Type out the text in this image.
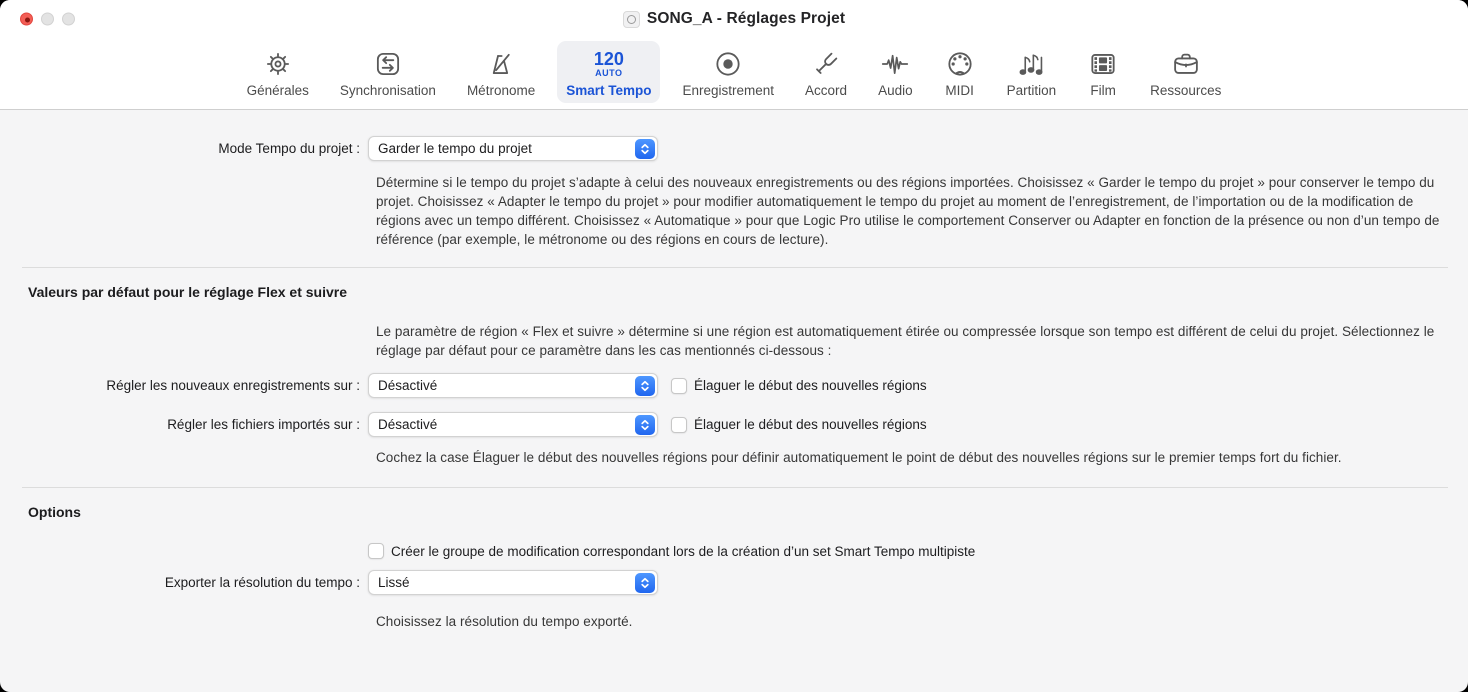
SONG_A - Réglages Projet
Générales Synchronisation Métronome
120
AUTO
Smart Tempo Enregistrement Accord Audio MIDI Partition	Film	Ressources
Mode Tempo du projet :	Garder le tempo du projet

Détermine si le tempo du projet s’adapte à celui des nouveaux enregistrements ou des régions importées. Choisissez « Garder le tempo du projet » pour conserver le tempo du projet. Choisissez « Adapter le tempo du projet » pour modifier automatiquement le tempo du projet au moment de l’enregistrement, de l’importation ou de la modification de régions avec un tempo différent. Choisissez « Automatique » pour que Logic Pro utilise le comportement Conserver ou Adapter en fonction de la présence ou non d’un tempo de référence (par exemple, le métronome ou des régions en cours de lecture).

Valeurs par défaut pour le réglage Flex et suivre

Le paramètre de région « Flex et suivre » détermine si une région est automatiquement étirée ou compressée lorsque son tempo est différent de celui du projet. Sélectionnez le réglage par défaut pour ce paramètre dans les cas mentionnés ci-dessous :

Régler les nouveaux enregistrements sur :	Désactivé	Élaguer le début des nouvelles régions
Régler les fichiers importés sur :	Désactivé	Élaguer le début des nouvelles régions

Cochez la case Élaguer le début des nouvelles régions pour définir automatiquement le point de début des nouvelles régions sur le premier temps fort du fichier.

Options
Créer le groupe de modification correspondant lors de la création d’un set Smart Tempo multipiste
Exporter la résolution du tempo :	Lissé

Choisissez la résolution du tempo exporté.
